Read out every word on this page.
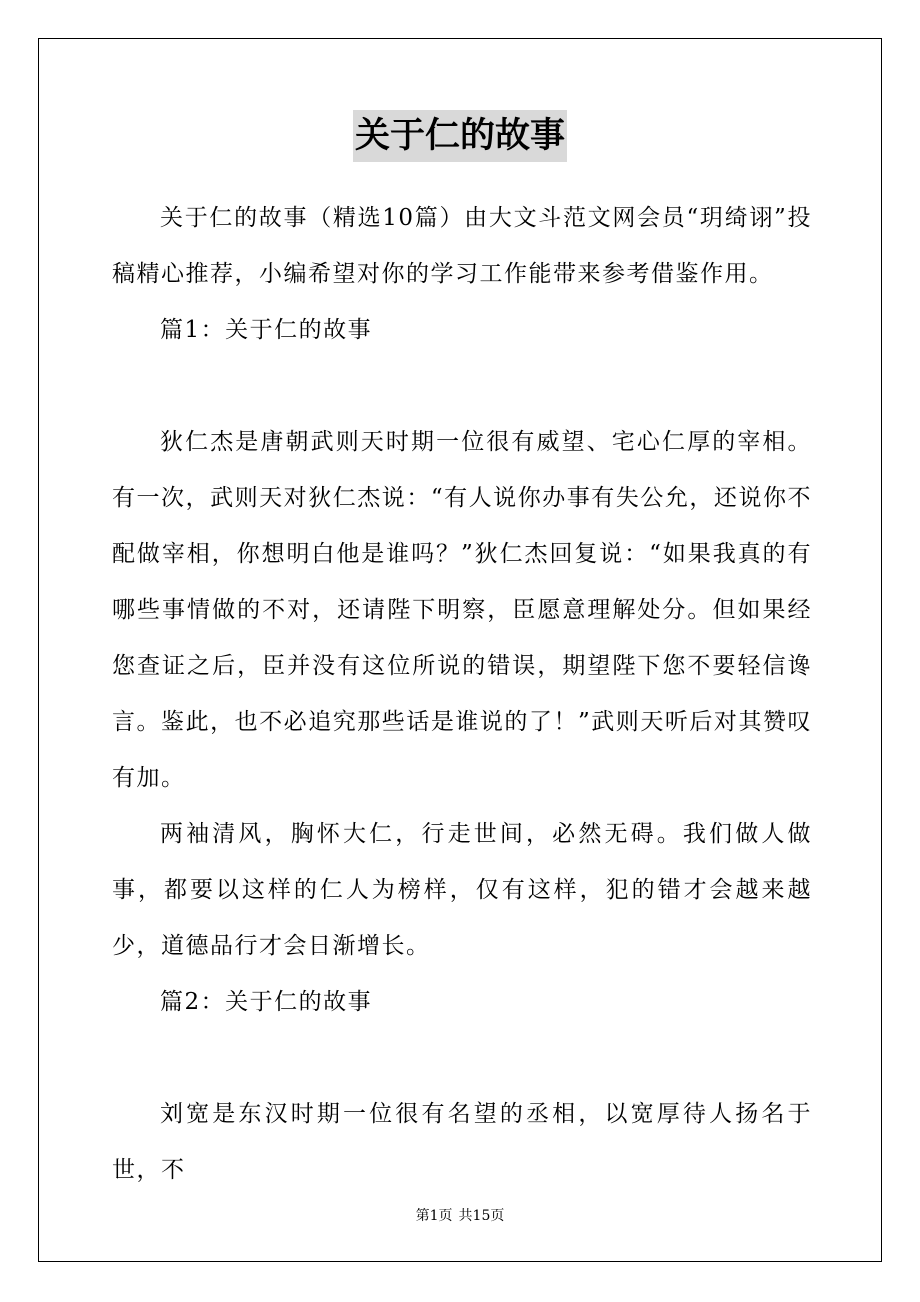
关于仁的故事

关于仁的故事（精选10篇）由大文斗范文网会员“玥绮诩”投稿精心推荐，小编希望对你的学习工作能带来参考借鉴作用。

篇1：关于仁的故事

狄仁杰是唐朝武则天时期一位很有威望、宅心仁厚的宰相。有一次，武则天对狄仁杰说：“有人说你办事有失公允，还说你不配做宰相，你想明白他是谁吗？”狄仁杰回复说：“如果我真的有哪些事情做的不对，还请陛下明察，臣愿意理解处分。但如果经您查证之后，臣并没有这位所说的错误，期望陛下您不要轻信谗言。鉴此，也不必追究那些话是谁说的了！”武则天听后对其赞叹有加。

两袖清风，胸怀大仁，行走世间，必然无碍。我们做人做事，都要以这样的仁人为榜样，仅有这样，犯的错才会越来越少，道德品行才会日渐增长。

篇2：关于仁的故事

刘宽是东汉时期一位很有名望的丞相，以宽厚待人扬名于世，不

第1页 共15页
